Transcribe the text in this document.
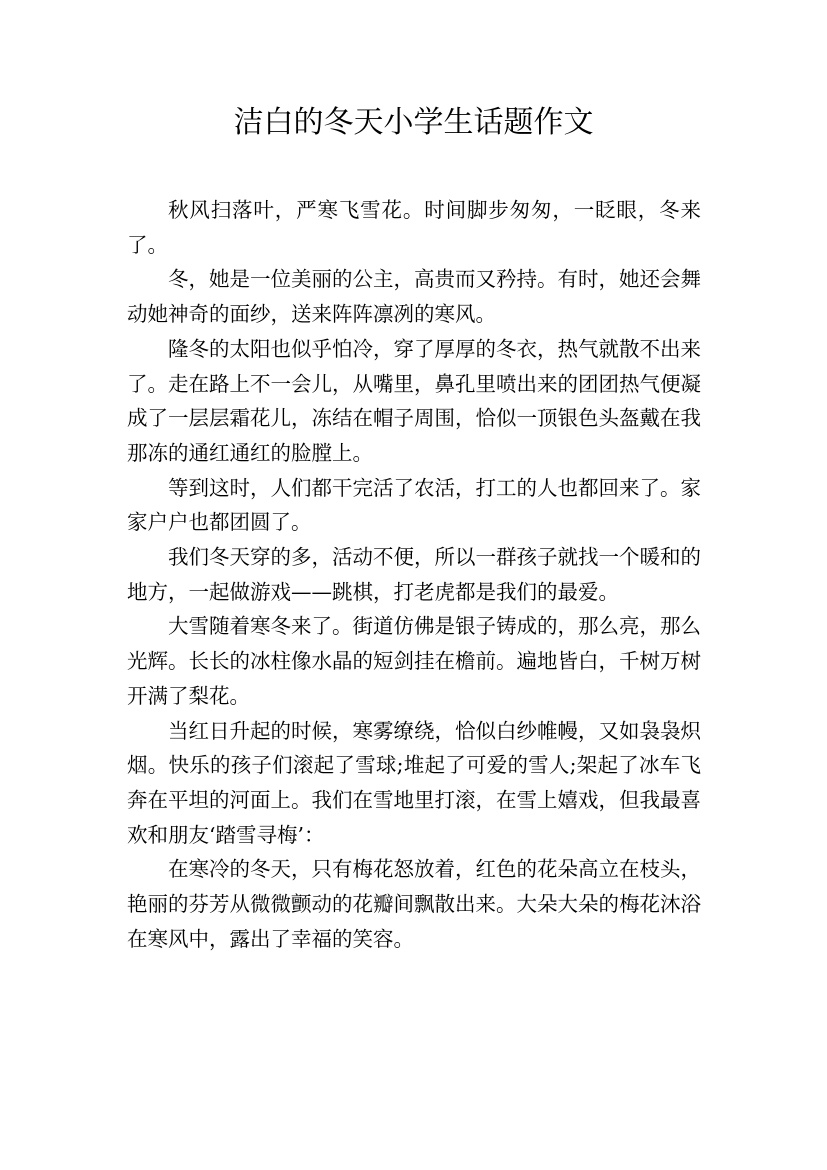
洁白的冬天小学生话题作文

秋风扫落叶，严寒飞雪花。时间脚步匆匆，一眨眼，冬来了。

冬，她是一位美丽的公主，高贵而又矜持。有时，她还会舞动她神奇的面纱，送来阵阵凛冽的寒风。

隆冬的太阳也似乎怕冷，穿了厚厚的冬衣，热气就散不出来了。走在路上不一会儿，从嘴里，鼻孔里喷出来的团团热气便凝成了一层层霜花儿，冻结在帽子周围，恰似一顶银色头盔戴在我那冻的通红通红的脸膛上。

等到这时，人们都干完活了农活，打工的人也都回来了。家家户户也都团圆了。

我们冬天穿的多，活动不便，所以一群孩子就找一个暖和的地方，一起做游戏——跳棋，打老虎都是我们的最爱。

大雪随着寒冬来了。街道仿佛是银子铸成的，那么亮，那么光辉。长长的冰柱像水晶的短剑挂在檐前。遍地皆白，千树万树开满了梨花。

当红日升起的时候，寒雾缭绕，恰似白纱帷幔，又如袅袅炽烟。快乐的孩子们滚起了雪球;堆起了可爱的雪人;架起了冰车飞奔在平坦的河面上。我们在雪地里打滚，在雪上嬉戏，但我最喜欢和朋友‘踏雪寻梅’：

在寒冷的冬天，只有梅花怒放着，红色的花朵高立在枝头，艳丽的芬芳从微微颤动的花瓣间飘散出来。大朵大朵的梅花沐浴在寒风中，露出了幸福的笑容。
